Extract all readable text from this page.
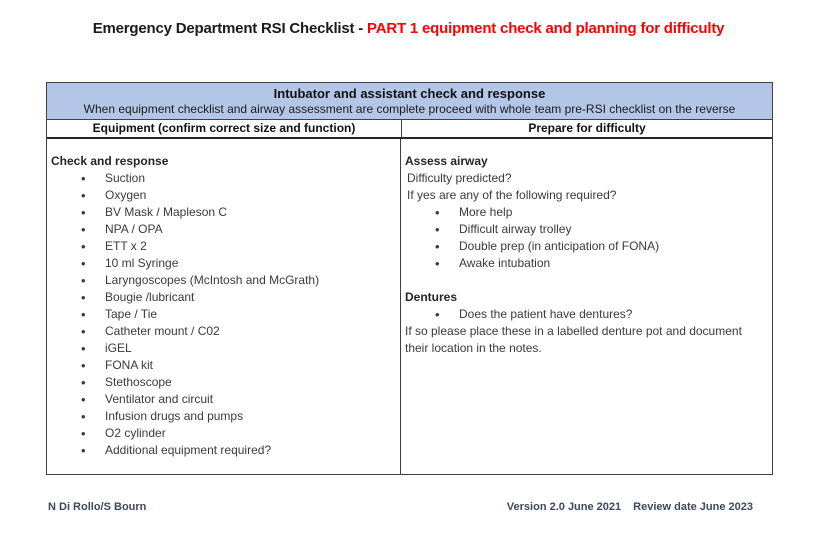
Emergency Department RSI Checklist - PART 1 equipment check and planning for difficulty
Intubator and assistant check and response
When equipment checklist and airway assessment are complete proceed with whole team pre-RSI checklist on the reverse
Equipment (confirm correct size and function)	Prepare for difficulty
Check and response
• Suction
• Oxygen
• BV Mask / Mapleson C
• NPA / OPA
• ETT x 2
• 10 ml Syringe
• Laryngoscopes (McIntosh and McGrath)
• Bougie /lubricant
• Tape / Tie
• Catheter mount / C02
• iGEL
• FONA kit
• Stethoscope
• Ventilator and circuit
• Infusion drugs and pumps
• O2 cylinder
• Additional equipment required?
Assess airway
Difficulty predicted?
If yes are any of the following required?
• More help
• Difficult airway trolley
• Double prep (in anticipation of FONA)
• Awake intubation
Dentures
• Does the patient have dentures?
If so please place these in a labelled denture pot and document their location in the notes.
N Di Rollo/S Bourn	Version 2.0 June 2021 Review date June 2023
